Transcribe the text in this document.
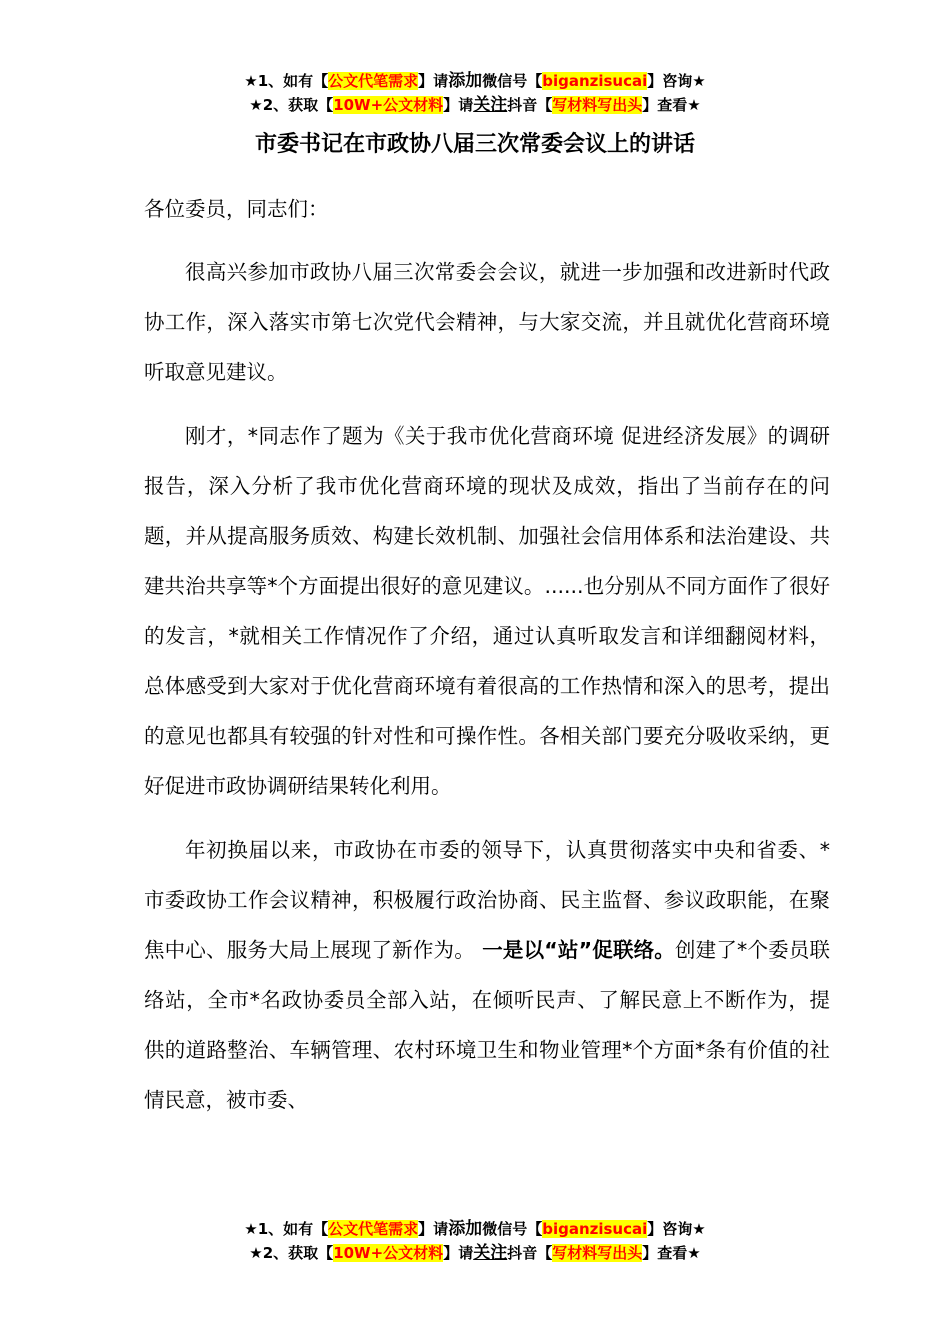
★1、如有【公文代笔需求】请添加微信号【biganzisucai】咨询★
★2、获取【10W+公文材料】请关注抖音【写材料写出头】查看★
市委书记在市政协八届三次常委会议上的讲话

各位委员，同志们：

很高兴参加市政协八届三次常委会会议，就进一步加强和改进新时代政协工作，深入落实市第七次党代会精神，与大家交流，并且就优化营商环境听取意见建议。

刚才，*同志作了题为《关于我市优化营商环境 促进经济发展》的调研报告，深入分析了我市优化营商环境的现状及成效，指出了当前存在的问题，并从提高服务质效、构建长效机制、加强社会信用体系和法治建设、共建共治共享等*个方面提出很好的意见建议。......也分别从不同方面作了很好的发言，*就相关工作情况作了介绍，通过认真听取发言和详细翻阅材料，总体感受到大家对于优化营商环境有着很高的工作热情和深入的思考，提出的意见也都具有较强的针对性和可操作性。各相关部门要充分吸收采纳，更好促进市政协调研结果转化利用。

年初换届以来，市政协在市委的领导下，认真贯彻落实中央和省委、*市委政协工作会议精神，积极履行政治协商、民主监督、参议政职能，在聚焦中心、服务大局上展现了新作为。 一是以“站”促联络。创建了*个委员联络站，全市*名政协委员全部入站，在倾听民声、了解民意上不断作为，提供的道路整治、车辆管理、农村环境卫生和物业管理*个方面*条有价值的社情民意，被市委、

★1、如有【公文代笔需求】请添加微信号【biganzisucai】咨询★
★2、获取【10W+公文材料】请关注抖音【写材料写出头】查看★
